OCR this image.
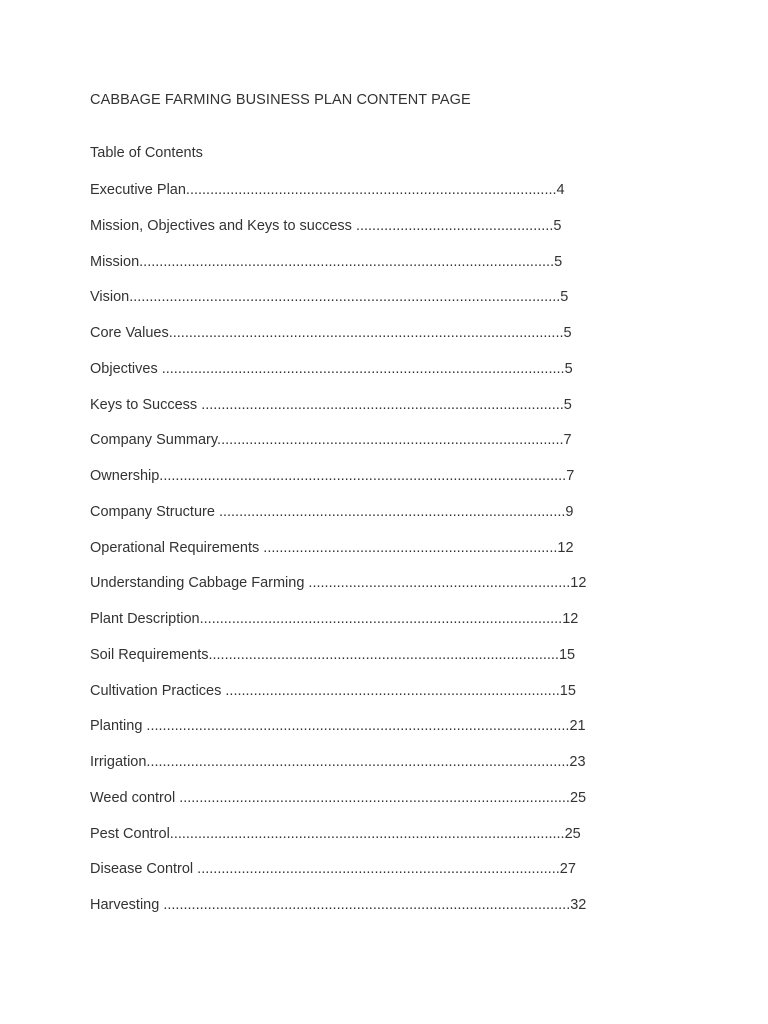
CABBAGE FARMING BUSINESS PLAN CONTENT PAGE
Table of Contents
Executive Plan............................................................................................4
Mission, Objectives and Keys to success .................................................5
Mission.......................................................................................................5
Vision...........................................................................................................5
Core Values..................................................................................................5
Objectives ....................................................................................................5
Keys to Success ..........................................................................................5
Company Summary......................................................................................7
Ownership.....................................................................................................7
Company Structure ......................................................................................9
Operational Requirements .........................................................................12
Understanding Cabbage Farming .................................................................12
Plant Description..........................................................................................12
Soil Requirements.......................................................................................15
Cultivation Practices ...................................................................................15
Planting .........................................................................................................21
Irrigation.........................................................................................................23
Weed control .................................................................................................25
Pest Control..................................................................................................25
Disease Control ..........................................................................................27
Harvesting .....................................................................................................32
